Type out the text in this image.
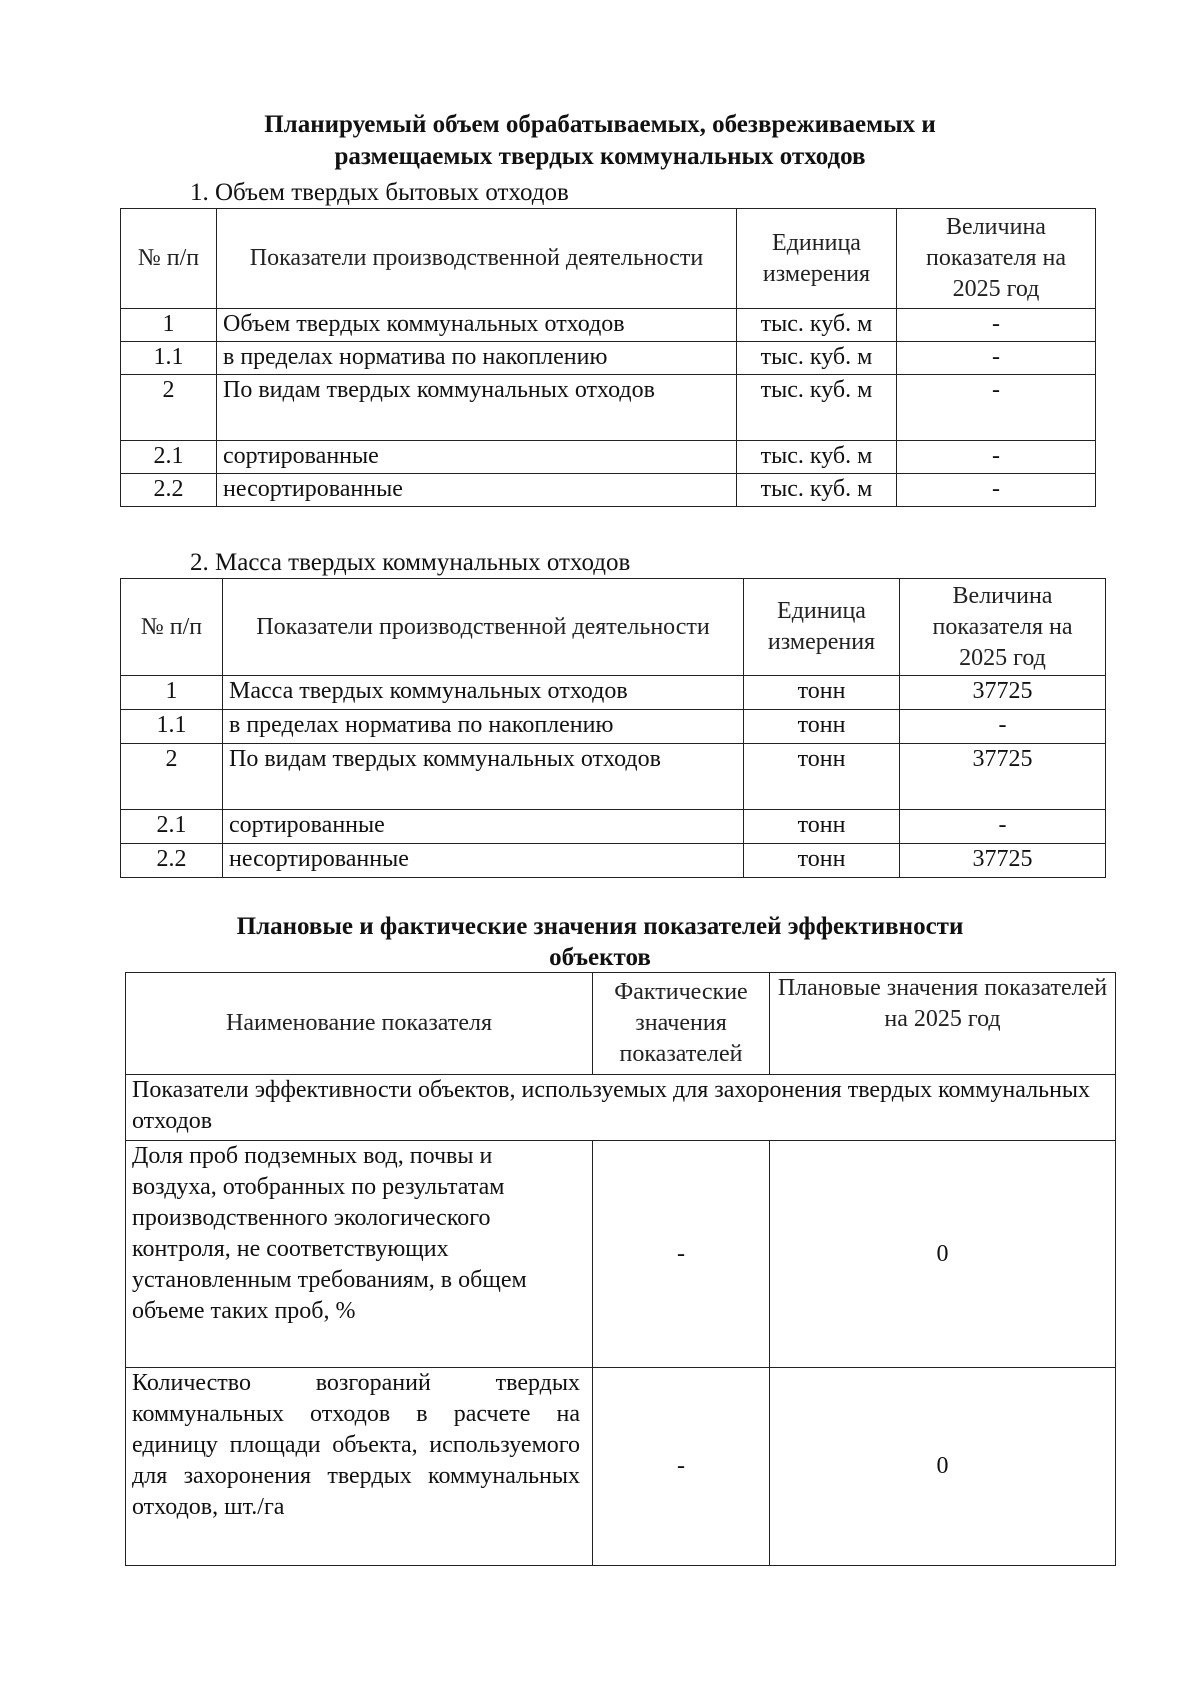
Планируемый объем обрабатываемых, обезвреживаемых и

размещаемых твердых коммунальных отходов

1. Объем твердых бытовых отходов

№ п/п	Показатели производственной деятельности	Единица измерения	Величина показателя на 2025 год
1	Объем твердых коммунальных отходов	тыс. куб. м	-
1.1	в пределах норматива по накоплению	тыс. куб. м	-
2	По видам твердых коммунальных отходов	тыс. куб. м	-
2.1	сортированные	тыс. куб. м	-
2.2	несортированные	тыс. куб. м	-

2. Масса твердых коммунальных отходов

№ п/п	Показатели производственной деятельности	Единица измерения	Величина показателя на 2025 год
1	Масса твердых коммунальных отходов	тонн	37725
1.1	в пределах норматива по накоплению	тонн	-
2	По видам твердых коммунальных отходов	тонн	37725
2.1	сортированные	тонн	-
2.2	несортированные	тонн	37725

Плановые и фактические значения показателей эффективности

объектов

Наименование показателя	Фактические значения показателей	Плановые значения показателей на 2025 год
Показатели эффективности объектов, используемых для захоронения твердых коммунальных отходов		
Доля проб подземных вод, почвы и воздуха, отобранных по результатам производственного экологического контроля, не соответствующих установленным требованиям, в общем объеме таких проб, %	-	0
Количество возгораний твердых коммунальных отходов в расчете на единицу площади объекта, используемого для захоронения твердых коммунальных отходов, шт./га	-	0
